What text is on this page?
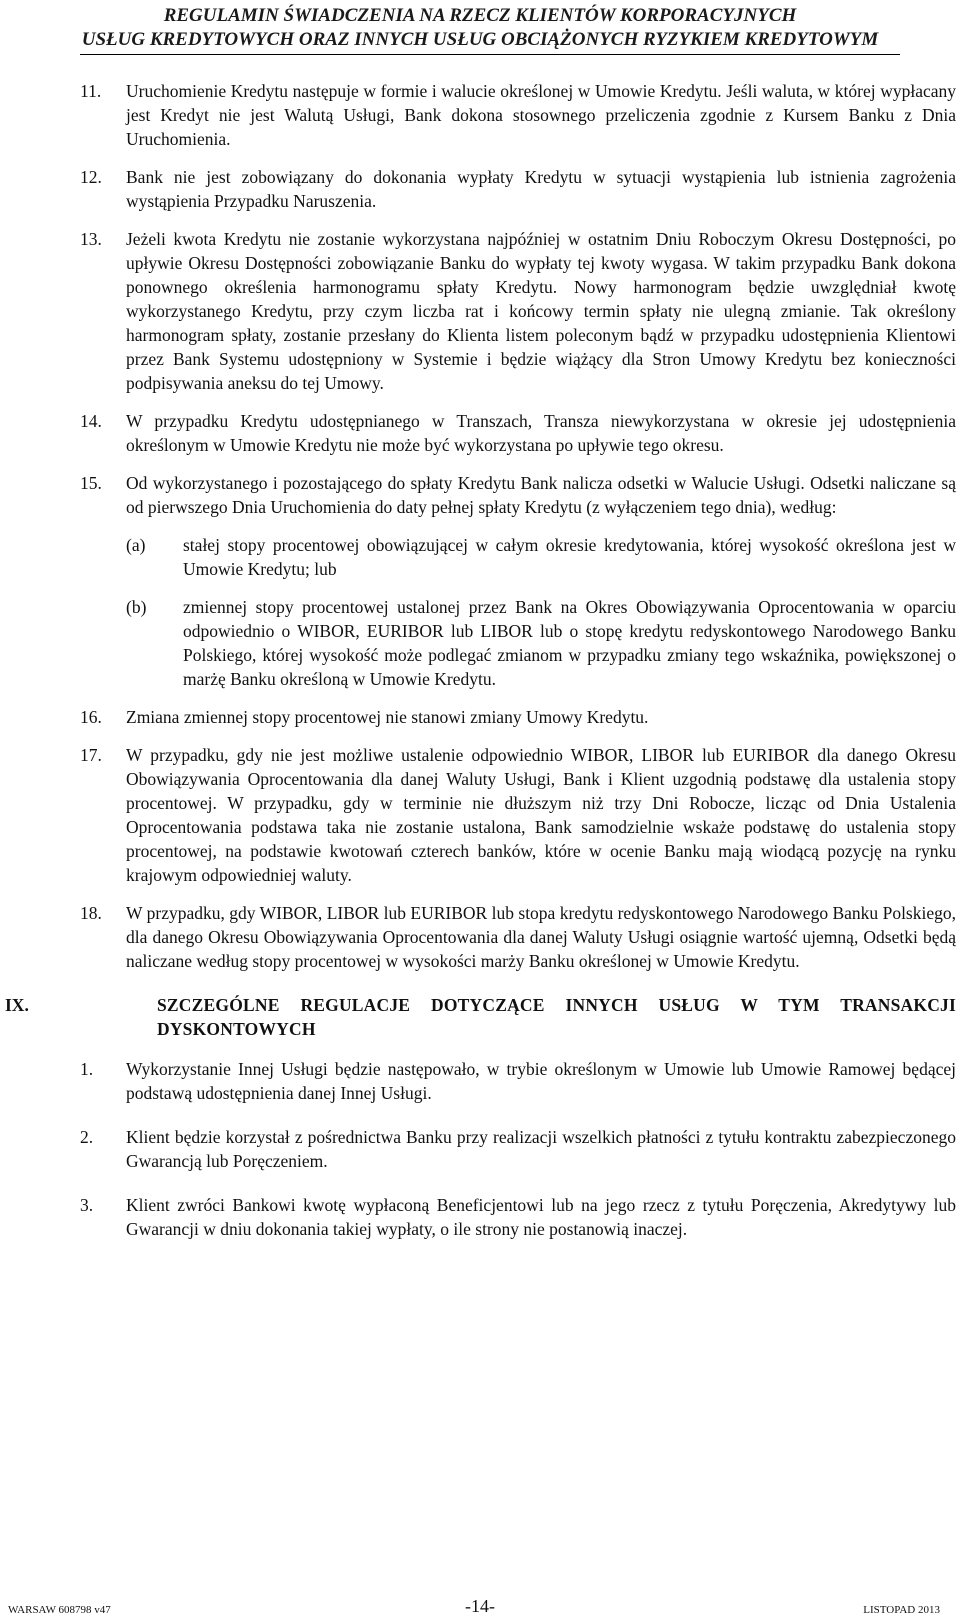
REGULAMIN ŚWIADCZENIA NA RZECZ KLIENTÓW KORPORACYJNYCH
USŁUG KREDYTOWYCH ORAZ INNYCH USŁUG OBCIĄŻONYCH RYZYKIEM KREDYTOWYM
11. Uruchomienie Kredytu następuje w formie i walucie określonej w Umowie Kredytu. Jeśli waluta, w której wypłacany jest Kredyt nie jest Walutą Usługi, Bank dokona stosownego przeliczenia zgodnie z Kursem Banku z Dnia Uruchomienia.

12. Bank nie jest zobowiązany do dokonania wypłaty Kredytu w sytuacji wystąpienia lub istnienia zagrożenia wystąpienia Przypadku Naruszenia.

13. Jeżeli kwota Kredytu nie zostanie wykorzystana najpóźniej w ostatnim Dniu Roboczym Okresu Dostępności, po upływie Okresu Dostępności zobowiązanie Banku do wypłaty tej kwoty wygasa. W takim przypadku Bank dokona ponownego określenia harmonogramu spłaty Kredytu. Nowy harmonogram będzie uwzględniał kwotę wykorzystanego Kredytu, przy czym liczba rat i końcowy termin spłaty nie ulegną zmianie. Tak określony harmonogram spłaty, zostanie przesłany do Klienta listem poleconym bądź w przypadku udostępnienia Klientowi przez Bank Systemu udostępniony w Systemie i będzie wiążący dla Stron Umowy Kredytu bez konieczności podpisywania aneksu do tej Umowy.

14. W przypadku Kredytu udostępnianego w Transzach, Transza niewykorzystana w okresie jej udostępnienia określonym w Umowie Kredytu nie może być wykorzystana po upływie tego okresu.

15. Od wykorzystanego i pozostającego do spłaty Kredytu Bank nalicza odsetki w Walucie Usługi. Odsetki naliczane są od pierwszego Dnia Uruchomienia do daty pełnej spłaty Kredytu (z wyłączeniem tego dnia), według:

(a) stałej stopy procentowej obowiązującej w całym okresie kredytowania, której wysokość określona jest w Umowie Kredytu; lub

(b) zmiennej stopy procentowej ustalonej przez Bank na Okres Obowiązywania Oprocentowania w oparciu odpowiednio o WIBOR, EURIBOR lub LIBOR lub o stopę kredytu redyskontowego Narodowego Banku Polskiego, której wysokość może podlegać zmianom w przypadku zmiany tego wskaźnika, powiększonej o marżę Banku określoną w Umowie Kredytu.

16. Zmiana zmiennej stopy procentowej nie stanowi zmiany Umowy Kredytu.

17. W przypadku, gdy nie jest możliwe ustalenie odpowiednio WIBOR, LIBOR lub EURIBOR dla danego Okresu Obowiązywania Oprocentowania dla danej Waluty Usługi, Bank i Klient uzgodnią podstawę dla ustalenia stopy procentowej. W przypadku, gdy w terminie nie dłuższym niż trzy Dni Robocze, licząc od Dnia Ustalenia Oprocentowania podstawa taka nie zostanie ustalona, Bank samodzielnie wskaże podstawę do ustalenia stopy procentowej, na podstawie kwotowań czterech banków, które w ocenie Banku mają wiodącą pozycję na rynku krajowym odpowiedniej waluty.

18. W przypadku, gdy WIBOR, LIBOR lub EURIBOR lub stopa kredytu redyskontowego Narodowego Banku Polskiego, dla danego Okresu Obowiązywania Oprocentowania dla danej Waluty Usługi osiągnie wartość ujemną, Odsetki będą naliczane według stopy procentowej w wysokości marży Banku określonej w Umowie Kredytu.

IX.	SZCZEGÓLNE REGULACJE DOTYCZĄCE INNYCH USŁUG W TYM TRANSAKCJI DYSKONTOWYCH
1. Wykorzystanie Innej Usługi będzie następowało, w trybie określonym w Umowie lub Umowie Ramowej będącej podstawą udostępnienia danej Innej Usługi.

2. Klient będzie korzystał z pośrednictwa Banku przy realizacji wszelkich płatności z tytułu kontraktu zabezpieczonego Gwarancją lub Poręczeniem.

3. Klient zwróci Bankowi kwotę wypłaconą Beneficjentowi lub na jego rzecz z tytułu Poręczenia, Akredytywy lub Gwarancji w dniu dokonania takiej wypłaty, o ile strony nie postanowią inaczej.

WARSAW 608798 v47	-14-	LISTOPAD 2013
